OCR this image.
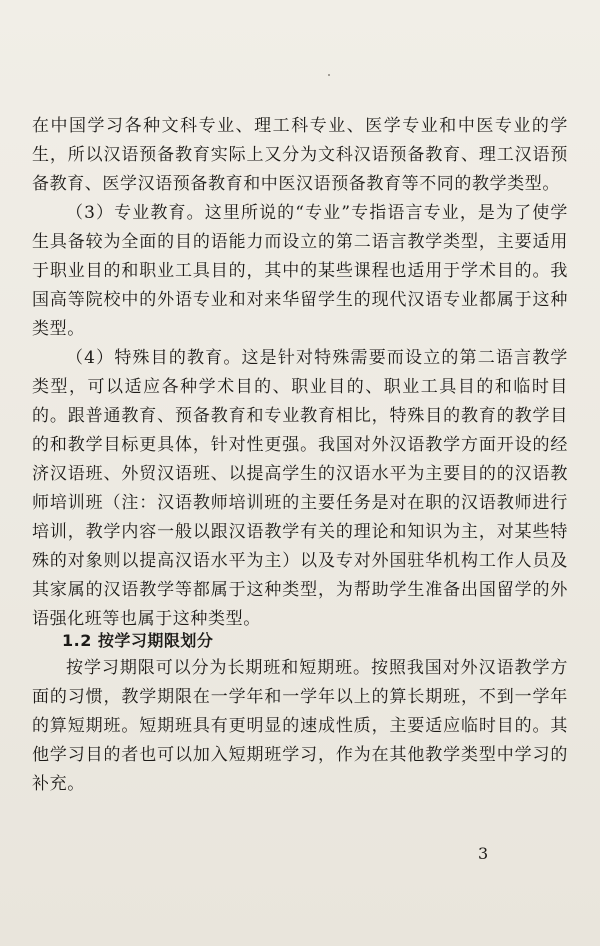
在中国学习各种文科专业、理工科专业、医学专业和中医专业的学生，所以汉语预备教育实际上又分为文科汉语预备教育、理工汉语预备教育、医学汉语预备教育和中医汉语预备教育等不同的教学类型。

（3）专业教育。这里所说的“专业”专指语言专业，是为了使学生具备较为全面的目的语能力而设立的第二语言教学类型，主要适用于职业目的和职业工具目的，其中的某些课程也适用于学术目的。我国高等院校中的外语专业和对来华留学生的现代汉语专业都属于这种类型。

（4）特殊目的教育。这是针对特殊需要而设立的第二语言教学类型，可以适应各种学术目的、职业目的、职业工具目的和临时目的。跟普通教育、预备教育和专业教育相比，特殊目的教育的教学目的和教学目标更具体，针对性更强。我国对外汉语教学方面开设的经济汉语班、外贸汉语班、以提高学生的汉语水平为主要目的的汉语教师培训班（注：汉语教师培训班的主要任务是对在职的汉语教师进行培训，教学内容一般以跟汉语教学有关的理论和知识为主，对某些特殊的对象则以提高汉语水平为主）以及专对外国驻华机构工作人员及其家属的汉语教学等都属于这种类型，为帮助学生准备出国留学的外语强化班等也属于这种类型。

1.2 按学习期限划分

按学习期限可以分为长期班和短期班。按照我国对外汉语教学方面的习惯，教学期限在一学年和一学年以上的算长期班，不到一学年的算短期班。短期班具有更明显的速成性质，主要适应临时目的。其他学习目的者也可以加入短期班学习，作为在其他教学类型中学习的补充。

3
